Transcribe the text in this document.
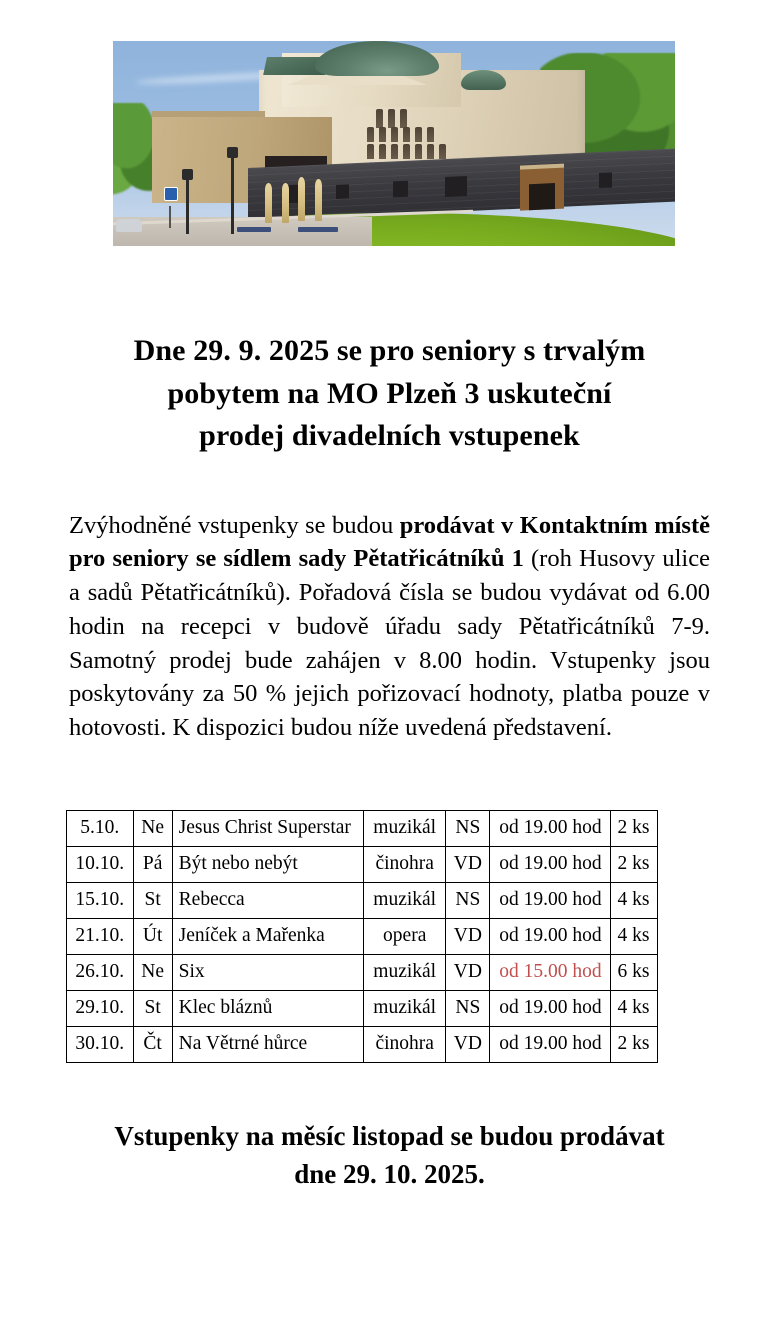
Dne 29. 9. 2025 se pro seniory s trvalým
pobytem na MO Plzeň 3 uskuteční
prodej divadelních vstupenek

Zvýhodněné vstupenky se budou prodávat v Kontaktním místě pro seniory se sídlem sady Pětatřicátníků 1 (roh Husovy ulice a sadů Pětatřicátníků). Pořadová čísla se budou vydávat od 6.00 hodin na recepci v budově úřadu sady Pětatřicátníků 7-9. Samotný prodej bude zahájen v 8.00 hodin. Vstupenky jsou poskytovány za 50 % jejich pořizovací hodnoty, platba pouze v hotovosti. K dispozici budou níže uvedená představení.

5.10.	Ne	Jesus Christ Superstar	muzikál	NS	od 19.00 hod	2 ks
10.10.	Pá	Být nebo nebýt	činohra	VD	od 19.00 hod	2 ks
15.10.	St	Rebecca	muzikál	NS	od 19.00 hod	4 ks
21.10.	Út	Jeníček a Mařenka	opera	VD	od 19.00 hod	4 ks
26.10.	Ne	Six	muzikál	VD	od 15.00 hod	6 ks
29.10.	St	Klec bláznů	muzikál	NS	od 19.00 hod	4 ks
30.10.	Čt	Na Větrné hůrce	činohra	VD	od 19.00 hod	2 ks
Vstupenky na měsíc listopad se budou prodávat
dne 29. 10. 2025.
